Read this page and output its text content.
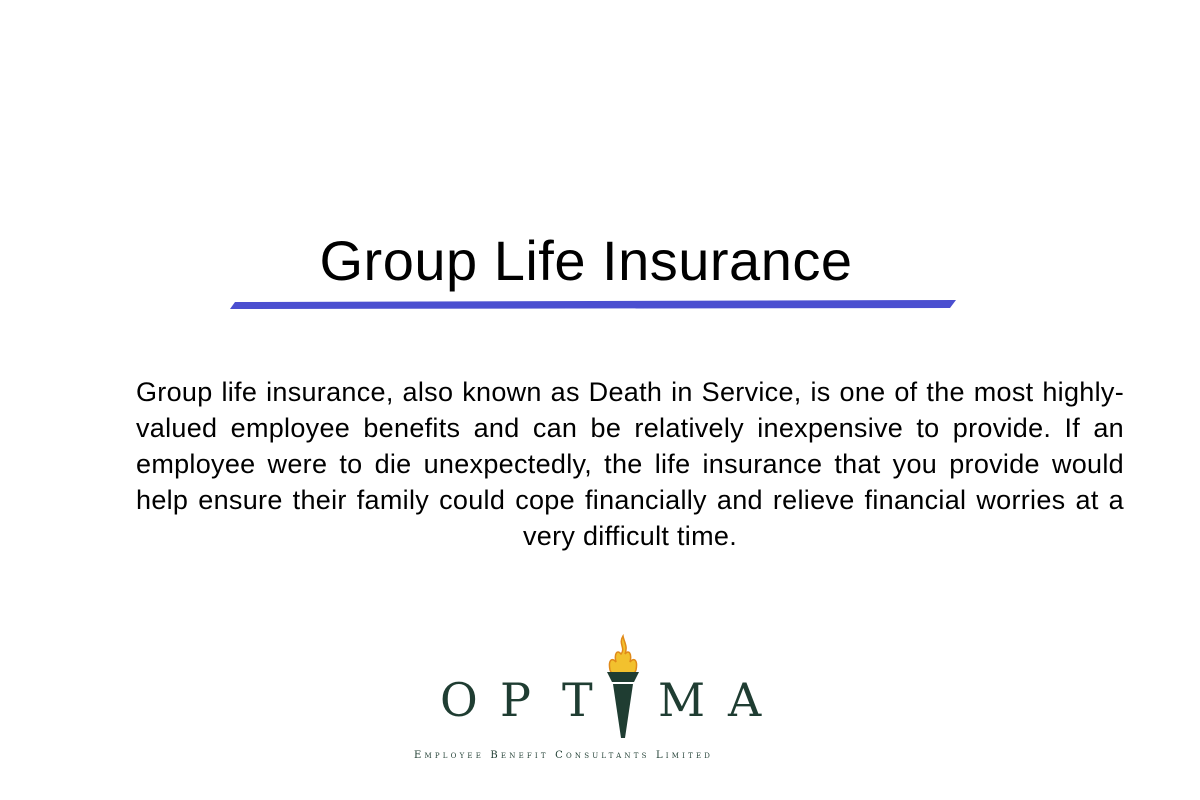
Group Life Insurance
Group life insurance, also known as Death in Service, is one of the most highly-valued employee benefits and can be relatively inexpensive to provide. If an employee were to die unexpectedly, the life insurance that you provide would help ensure their family could cope financially and relieve financial worries at a very difficult time.
O P T M A
Employee Benefit Consultants Limited
